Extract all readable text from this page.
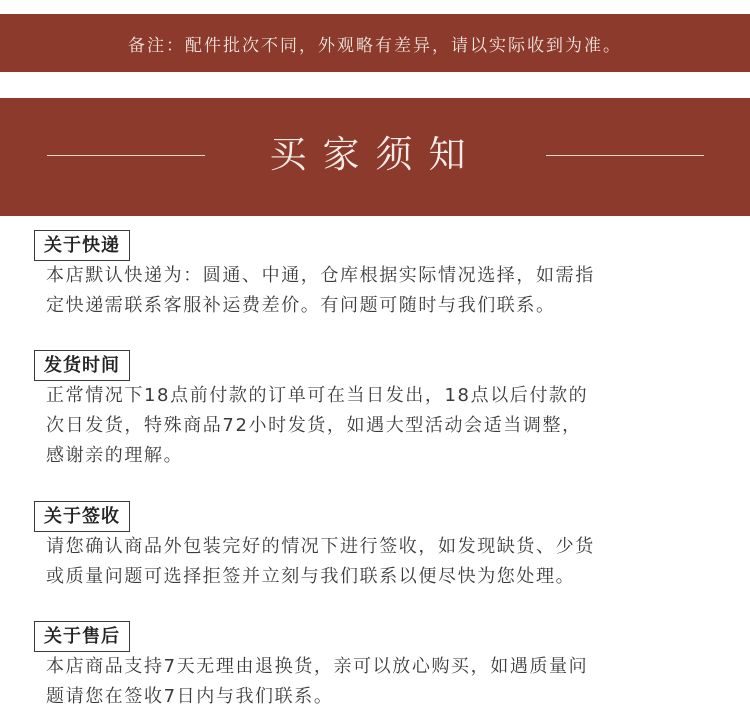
备注：配件批次不同，外观略有差异，请以实际收到为准。
买家须知
关于快递

本店默认快递为：圆通、中通，仓库根据实际情况选择，如需指
定快递需联系客服补运费差价。有问题可随时与我们联系。

发货时间

正常情况下18点前付款的订单可在当日发出，18点以后付款的
次日发货，特殊商品72小时发货，如遇大型活动会适当调整，
感谢亲的理解。

关于签收

请您确认商品外包装完好的情况下进行签收，如发现缺货、少货
或质量问题可选择拒签并立刻与我们联系以便尽快为您处理。

关于售后

本店商品支持7天无理由退换货，亲可以放心购买，如遇质量问
题请您在签收7日内与我们联系。
